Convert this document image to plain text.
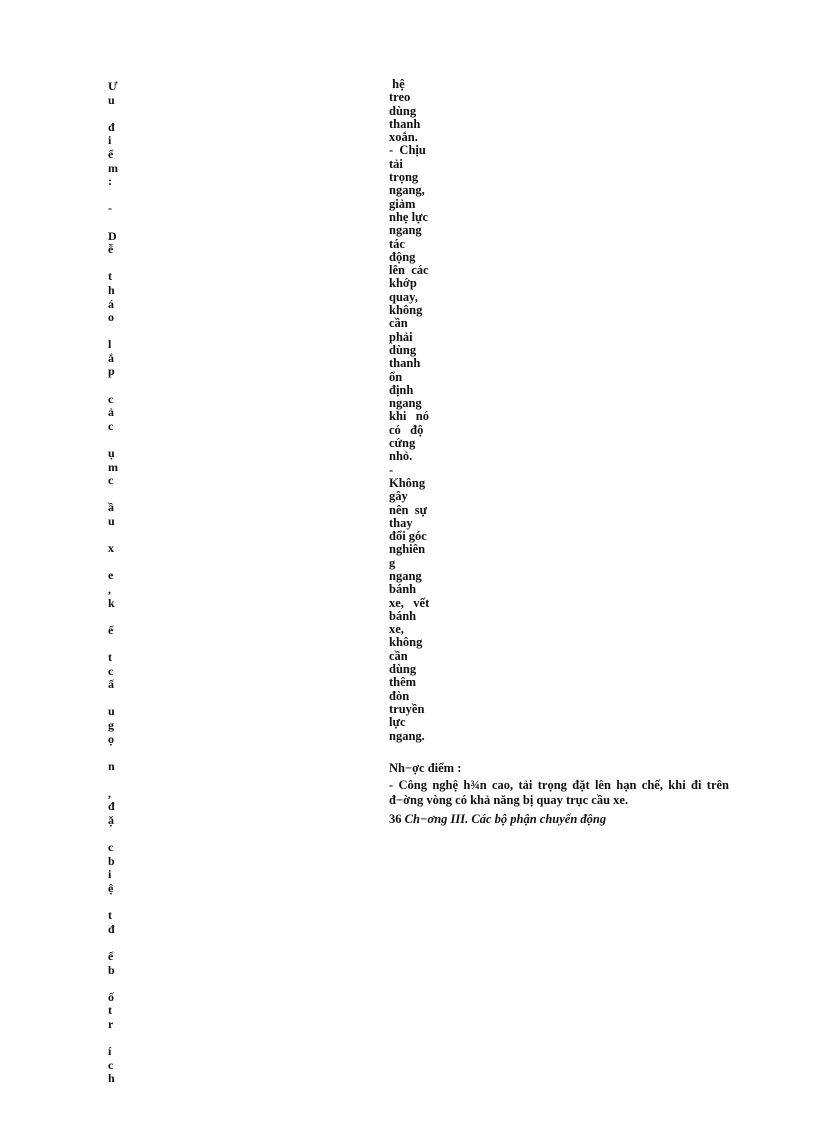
Ư
u
đ
i
ể
m
:
-
D
ễ
t
h
á
o
l
ắ
p
c
ả
c
ụ
m
c
ầ
u
x
e
,
k
ế
t
c
ấ
u
g
ọ
n
,
đ
ặ
c
b
i
ệ
t
đ
ể
b
ố
t
r
í
c
h
hệ
treo
dùng
thanh
xoắn.
-  Chịu
tải
trọng
ngang,
giảm
nhẹ lực
ngang
tác
động
lên  các
khớp
quay,
không
cần
phải
dùng
thanh
ổn
định
ngang
khi   nó
có   độ
cứng
nhỏ.
-
Không
gây
nên  sự
thay
đổi góc
nghiên
g
ngang
bánh
xe,   vết
bánh
xe,
không
cần
dùng
thêm
đòn
truyền
lực
ngang.
Nh−ợc điểm :
- Công nghệ h¾n cao, tải trọng đặt lên hạn chế, khi đi trên đ−ờng vòng có khả năng bị quay trục cầu xe.
36 Ch−ơng III. Các bộ phận chuyển động
